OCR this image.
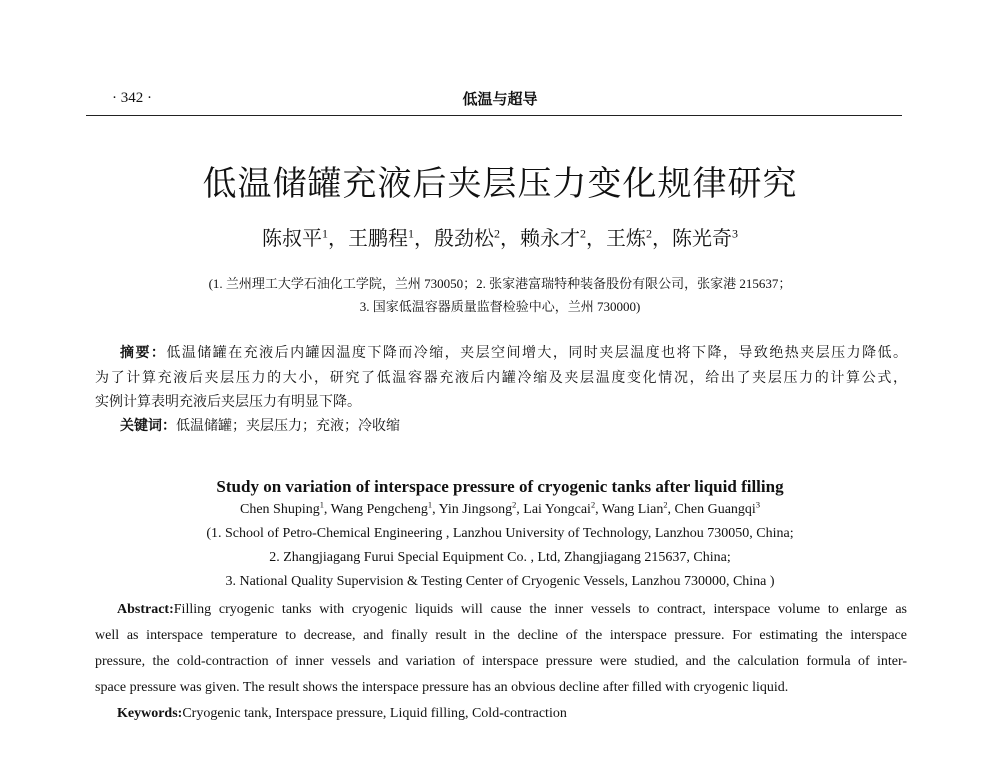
· 342 ·	低温与超导
低温储罐充液后夹层压力变化规律研究
陈叔平$^1$，王鹏程$^1$，殷劲松$^2$，赖永才$^2$，王炼$^2$，陈光奇$^3$
(1. 兰州理工大学石油化工学院，兰州 730050；2. 张家港富瑞特种装备股份有限公司，张家港 215637；
3. 国家低温容器质量监督检验中心，兰州 730000)
摘要：低温储罐在充液后内罐因温度下降而冷缩，夹层空间增大，同时夹层温度也将下降，导致绝热夹层压力降低。
为了计算充液后夹层压力的大小，研究了低温容器充液后内罐冷缩及夹层温度变化情况，给出了夹层压力的计算公式，
实例计算表明充液后夹层压力有明显下降。
关键词：低温储罐；夹层压力；充液；冷收缩
Study on variation of interspace pressure of cryogenic tanks after liquid filling
Chen Shuping$^1$, Wang Pengcheng$^1$, Yin Jingsong$^2$, Lai Yongcai$^2$, Wang Lian$^2$, Chen Guangqi$^3$
(1. School of Petro-Chemical Engineering , Lanzhou University of Technology, Lanzhou 730050, China;
2. Zhangjiagang Furui Special Equipment Co. , Ltd, Zhangjiagang 215637, China;
3. National Quality Supervision & Testing Center of Cryogenic Vessels, Lanzhou 730000, China )
Abstract:Filling cryogenic tanks with cryogenic liquids will cause the inner vessels to contract, interspace volume to enlarge as
well as interspace temperature to decrease, and finally result in the decline of the interspace pressure. For estimating the interspace
pressure, the cold-contraction of inner vessels and variation of interspace pressure were studied, and the calculation formula of inter-
space pressure was given. The result shows the interspace pressure has an obvious decline after filled with cryogenic liquid.
Keywords:Cryogenic tank, Interspace pressure, Liquid filling, Cold-contraction
